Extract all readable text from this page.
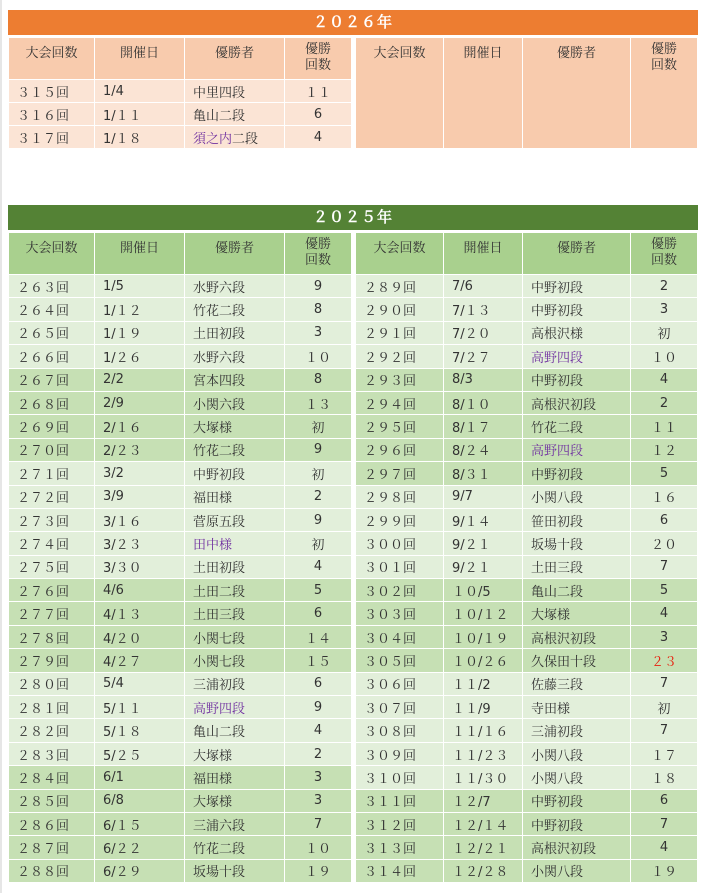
２０２６年
大会回数	開催日	優勝者	優勝
回数
３１５回	1/4	中里四段	１１
３１６回	1/１１	亀山二段	6
３１７回	1/１８	須之内二段	4
大会回数	開催日	優勝者	優勝
回数
２０２５年
大会回数	開催日	優勝者	優勝
回数
２６３回	1/5	水野六段	9
２６４回	1/１２	竹花二段	8
２６５回	1/１９	土田初段	3
２６６回	1/２６	水野六段	１０
２６７回	2/2	宮本四段	8
２６８回	2/9	小関六段	１３
２６９回	2/１６	大塚様	初
２７０回	2/２３	竹花二段	9
２７１回	3/2	中野初段	初
２７２回	3/9	福田様	2
２７３回	3/１６	菅原五段	9
２７４回	3/２３	田中様	初
２７５回	3/３０	土田初段	4
２７６回	4/6	土田二段	5
２７７回	4/１３	土田三段	6
２７８回	4/２０	小関七段	１４
２７９回	4/２７	小関七段	１５
２８０回	5/4	三浦初段	6
２８１回	5/１１	高野四段	9
２８２回	5/１８	亀山二段	4
２８３回	5/２５	大塚様	2
２８４回	6/1	福田様	3
２８５回	6/8	大塚様	3
２８６回	6/１５	三浦六段	7
２８７回	6/２２	竹花二段	１０
２８８回	6/２９	坂場十段	１９
大会回数	開催日	優勝者	優勝
回数
２８９回	7/6	中野初段	2
２９０回	7/１３	中野初段	3
２９１回	7/２０	高根沢様	初
２９２回	7/２７	高野四段	１０
２９３回	8/3	中野初段	4
２９４回	8/１０	高根沢初段	2
２９５回	8/１７	竹花二段	１１
２９６回	8/２４	高野四段	１２
２９７回	8/３１	中野初段	5
２９８回	9/7	小関八段	１６
２９９回	9/１４	笹田初段	6
３００回	9/２１	坂場十段	２０
３０１回	9/２１	土田三段	7
３０２回	１０/5	亀山二段	5
３０３回	１０/１２	大塚様	4
３０４回	１０/１９	高根沢初段	3
３０５回	１０/２６	久保田十段	２３
３０６回	１１/2	佐藤三段	7
３０７回	１１/9	寺田様	初
３０８回	１１/１６	三浦初段	7
３０９回	１１/２３	小関八段	１７
３１０回	１１/３０	小関八段	１８
３１１回	１２/7	中野初段	6
３１２回	１２/１４	中野初段	7
３１３回	１２/２１	高根沢初段	4
３１４回	１２/２８	小関八段	１９
